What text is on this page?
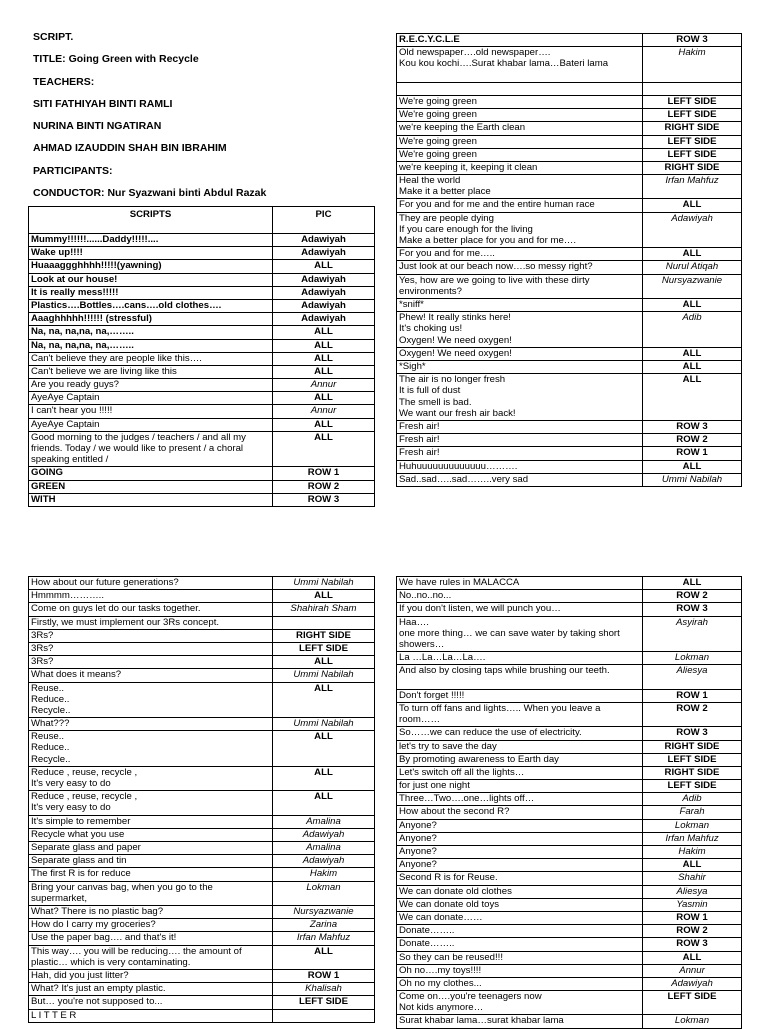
SCRIPT.
TITLE: Going Green with Recycle
TEACHERS:
SITI FATHIYAH BINTI RAMLI
NURINA BINTI NGATIRAN
AHMAD IZAUDDIN SHAH BIN IBRAHIM
PARTICIPANTS:
CONDUCTOR: Nur Syazwani binti Abdul Razak
SCRIPTS	PIC
Mummy!!!!!!......Daddy!!!!!....	Adawiyah
Wake up!!!!	Adawiyah
Huaaaggghhhh!!!!!(yawning)	ALL
Look at our house!	Adawiyah
It is really mess!!!!!	Adawiyah
Plastics….Bottles….cans….old clothes….	Adawiyah
Aaaghhhhh!!!!!! (stressful)	Adawiyah
Na, na, na,na, na,……..	ALL
Na, na, na,na, na,……..	ALL
Can't believe they are people like this….	ALL
Can't believe we are living like this	ALL
Are you ready guys?	Annur
AyeAye Captain	ALL
I can't hear you !!!!!	Annur
AyeAye Captain	ALL
Good morning to the judges / teachers / and all my friends. Today / we would like to present / a choral speaking entitled /	ALL
GOING	ROW 1
GREEN	ROW 2
WITH	ROW 3
R.E.C.Y.C.L.E	ROW 3
Old newspaper….old newspaper….
Kou kou kochi….Surat khabar lama…Bateri lama	Hakim

We're going green	LEFT SIDE
We're going green	LEFT SIDE
we're keeping the Earth clean	RIGHT SIDE
We're going green	LEFT SIDE
We're going green	LEFT SIDE
we're keeping it, keeping it clean	RIGHT SIDE
Heal the world
Make it a better place	Irfan Mahfuz
For you and for me and the entire human race	ALL
They are people dying
If you care enough for the living
Make a better place for you and for me….	Adawiyah
For you and for me…..	ALL
Just look at our beach now….so messy right?	Nurul Atiqah
Yes, how are we going to live with these dirty environments?	Nursyazwanie
*sniff*	ALL
Phew! It really stinks here!
It's choking us!
Oxygen! We need oxygen!	Adib
Oxygen! We need oxygen!	ALL
*Sigh*	ALL
The air is no longer fresh
It is full of dust
The smell is bad.
We want our fresh air back!	ALL
Fresh air!	ROW 3
Fresh air!	ROW 2
Fresh air!	ROW 1
Huhuuuuuuuuuuuuu……….	ALL
Sad..sad…..sad……..very sad	Ummi Nabilah
How about our future generations?	Ummi Nabilah
Hmmmm………..	ALL
Come on guys let do our tasks together.	Shahirah Sham
Firstly, we must implement our 3Rs concept.	
3Rs?	RIGHT SIDE
3Rs?	LEFT SIDE
3Rs?	ALL
What does it means?	Ummi Nabilah
Reuse..
Reduce..
Recycle..	ALL
What???	Ummi Nabilah
Reuse..
Reduce..
Recycle..	ALL
Reduce , reuse, recycle ,
It's very easy to do	ALL
Reduce , reuse, recycle ,
It's very easy to do	ALL
It's simple to remember	Amalina
Recycle what you use	Adawiyah
Separate glass and paper	Amalina
Separate glass and tin	Adawiyah
The first R is for reduce	Hakim
Bring your canvas bag, when you go to the supermarket,	Lokman
What? There is no plastic bag?	Nursyazwanie
How do I carry my groceries?	Zarina
Use the paper bag…. and that's it!	Irfan Mahfuz
This way…. you will be reducing…. the amount of plastic… which is very contaminating.	ALL
Hah, did you just litter?	ROW 1
What? It's just an empty plastic.	Khalisah
But… you're not supposed to...	LEFT SIDE
L I T T E R	
We have rules in MALACCA	ALL
No..no..no...	ROW 2
If you don't listen, we will punch you…	ROW 3
Haa….
one more thing… we can save water by taking short showers…	Asyirah
La …La…La…La….	Lokman
And also by closing taps while brushing our teeth.	Aliesya
Don't forget !!!!!	ROW 1
To turn off fans and lights….. When you leave a room……	ROW 2
So……we can reduce the use of electricity.	ROW 3
let's try to save the day	RIGHT SIDE
By promoting awareness to Earth day	LEFT SIDE
Let's switch off all the lights…	RIGHT SIDE
for just one night	LEFT SIDE
Three…Two….one…lights off…	Adib
How about the second R?	Farah
Anyone?	Lokman
Anyone?	Irfan Mahfuz
Anyone?	Hakim
Anyone?	ALL
Second R is for Reuse.	Shahir
We can donate old clothes	Aliesya
We can donate old toys	Yasmin
We can donate……	ROW 1
Donate……..	ROW 2
Donate……..	ROW 3
So they can be reused!!!	ALL
Oh no….my toys!!!!	Annur
Oh no my clothes...	Adawiyah
Come on….you're teenagers now
Not kids anymore…	LEFT SIDE
Surat khabar lama…surat khabar lama	Lokman
